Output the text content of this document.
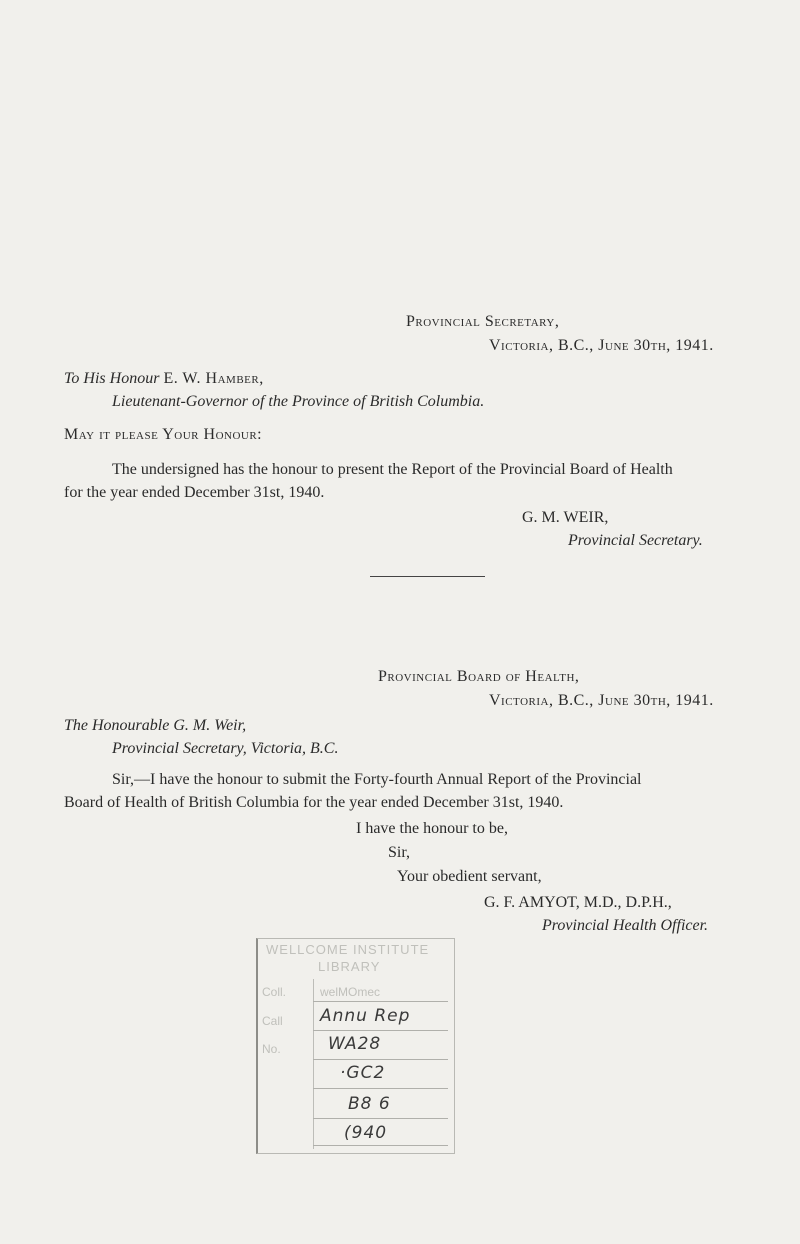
Provincial Secretary,
Victoria, B.C., June 30th, 1941.
To His Honour E. W. Hamber,
Lieutenant-Governor of the Province of British Columbia.
May it please Your Honour:
The undersigned has the honour to present the Report of the Provincial Board of Health
for the year ended December 31st, 1940.
G. M. WEIR,
Provincial Secretary.
Provincial Board of Health,
Victoria, B.C., June 30th, 1941.
The Honourable G. M. Weir,
Provincial Secretary, Victoria, B.C.
Sir,—I have the honour to submit the Forty-fourth Annual Report of the Provincial
Board of Health of British Columbia for the year ended December 31st, 1940.
I have the honour to be,
Sir,
Your obedient servant,
G. F. AMYOT, M.D., D.P.H.,
Provincial Health Officer.
WELLCOME INSTITUTE
LIBRARY
Coll.	welMOmec
Call Annu Rep
No.	WA28
·GC2
B8 6
(940
